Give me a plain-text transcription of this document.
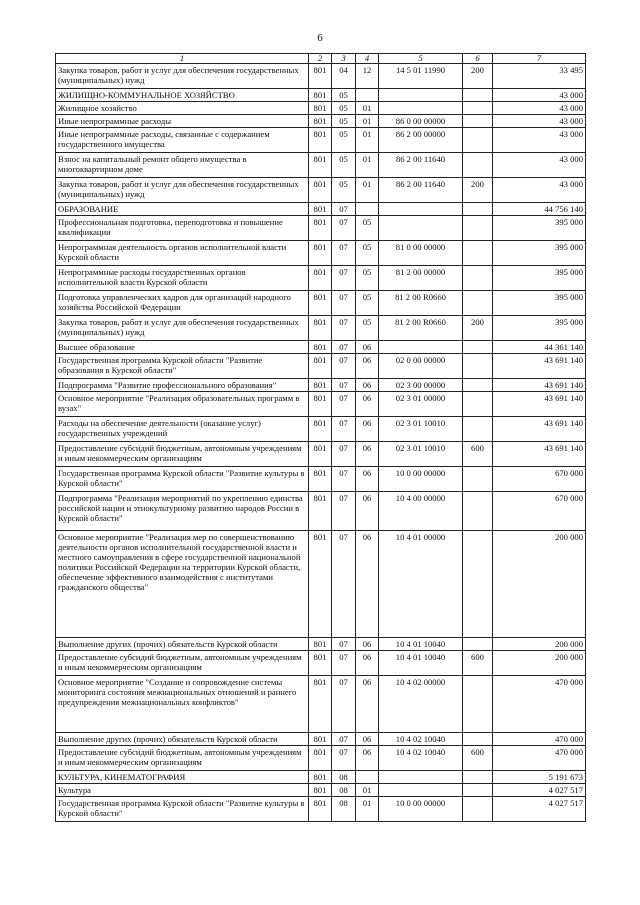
6
1	2	3	4	5	6	7
Закупка товаров, работ и услуг для обеспечения государственных (муниципальных) нужд	801	04	12	14 5 01 11990	200	33 495
ЖИЛИЩНО-КОММУНАЛЬНОЕ ХОЗЯЙСТВО	801	05				43 000
Жилищное хозяйство	801	05	01			43 000
Иные непрограммные расходы	801	05	01	86 0 00 00000		43 000
Иные непрограммные расходы, связанные с содержанием государственного имущества	801	05	01	86 2 00 00000		43 000
Взнос на капитальный ремонт общего имущества в многоквартирном доме	801	05	01	86 2 00 11640		43 000
Закупка товаров, работ и услуг для обеспечения государственных (муниципальных) нужд	801	05	01	86 2 00 11640	200	43 000
ОБРАЗОВАНИЕ	801	07				44 756 140
Профессиональная подготовка, переподготовка и повышение квалификации	801	07	05			395 000
Непрограммная деятельность органов исполнительной власти Курской области	801	07	05	81 0 00 00000		395 000
Непрограммные расходы государственных органов исполнительной власти Курской области	801	07	05	81 2 00 00000		395 000
Подготовка управленческих кадров для организаций народного хозяйства Российской Федерации	801	07	05	81 2 00 R0660		395 000
Закупка товаров, работ и услуг для обеспечения государственных (муниципальных) нужд	801	07	05	81 2 00 R0660	200	395 000
Высшее образование	801	07	06			44 361 140
Государственная программа Курской области "Развитие образования в Курской области"	801	07	06	02 0 00 00000		43 691 140
Подпрограмма "Развитие профессионального образования"	801	07	06	02 3 00 00000		43 691 140
Основное мероприятие "Реализация образовательных программ в вузах"	801	07	06	02 3 01 00000		43 691 140
Расходы на обеспечение деятельности (оказание услуг) государственных учреждений	801	07	06	02 3 01 10010		43 691 140
Предоставление субсидий бюджетным, автономным учреждениям и иным некоммерческим организациям	801	07	06	02 3 01 10010	600	43 691 140
Государственная программа Курской области "Развитие культуры в Курской области"	801	07	06	10 0 00 00000		670 000
Подпрограмма "Реализация мероприятий по укреплению единства российской нации и этнокультурному развитию народов России в Курской области"	801	07	06	10 4 00 00000		670 000
Основное мероприятие "Реализация мер по совершенствованию деятельности органов исполнительной государственной власти и местного самоуправления в сфере государственной национальной политики Российской Федерации на территории Курской области, обеспечение эффективного взаимодействия с институтами гражданского общества"	801	07	06	10 4 01 00000		200 000
Выполнение других (прочих) обязательств Курской области	801	07	06	10 4 01 10040		200 000
Предоставление субсидий бюджетным, автономным учреждениям и иным некоммерческим организациям	801	07	06	10 4 01 10040	600	200 000
Основное мероприятие "Создание и сопровождение системы мониторинга состояния межнациональных отношений и раннего предупреждения межнациональных конфликтов"	801	07	06	10 4 02 00000		470 000
Выполнение других (прочих) обязательств Курской области	801	07	06	10 4 02 10040		470 000
Предоставление субсидий бюджетным, автономным учреждениям и иным некоммерческим организациям	801	07	06	10 4 02 10040	600	470 000
КУЛЬТУРА, КИНЕМАТОГРАФИЯ	801	08				5 191 673
Культура	801	08	01			4 027 517
Государственная программа Курской области "Развитие культуры в Курской области"	801	08	01	10 0 00 00000		4 027 517
